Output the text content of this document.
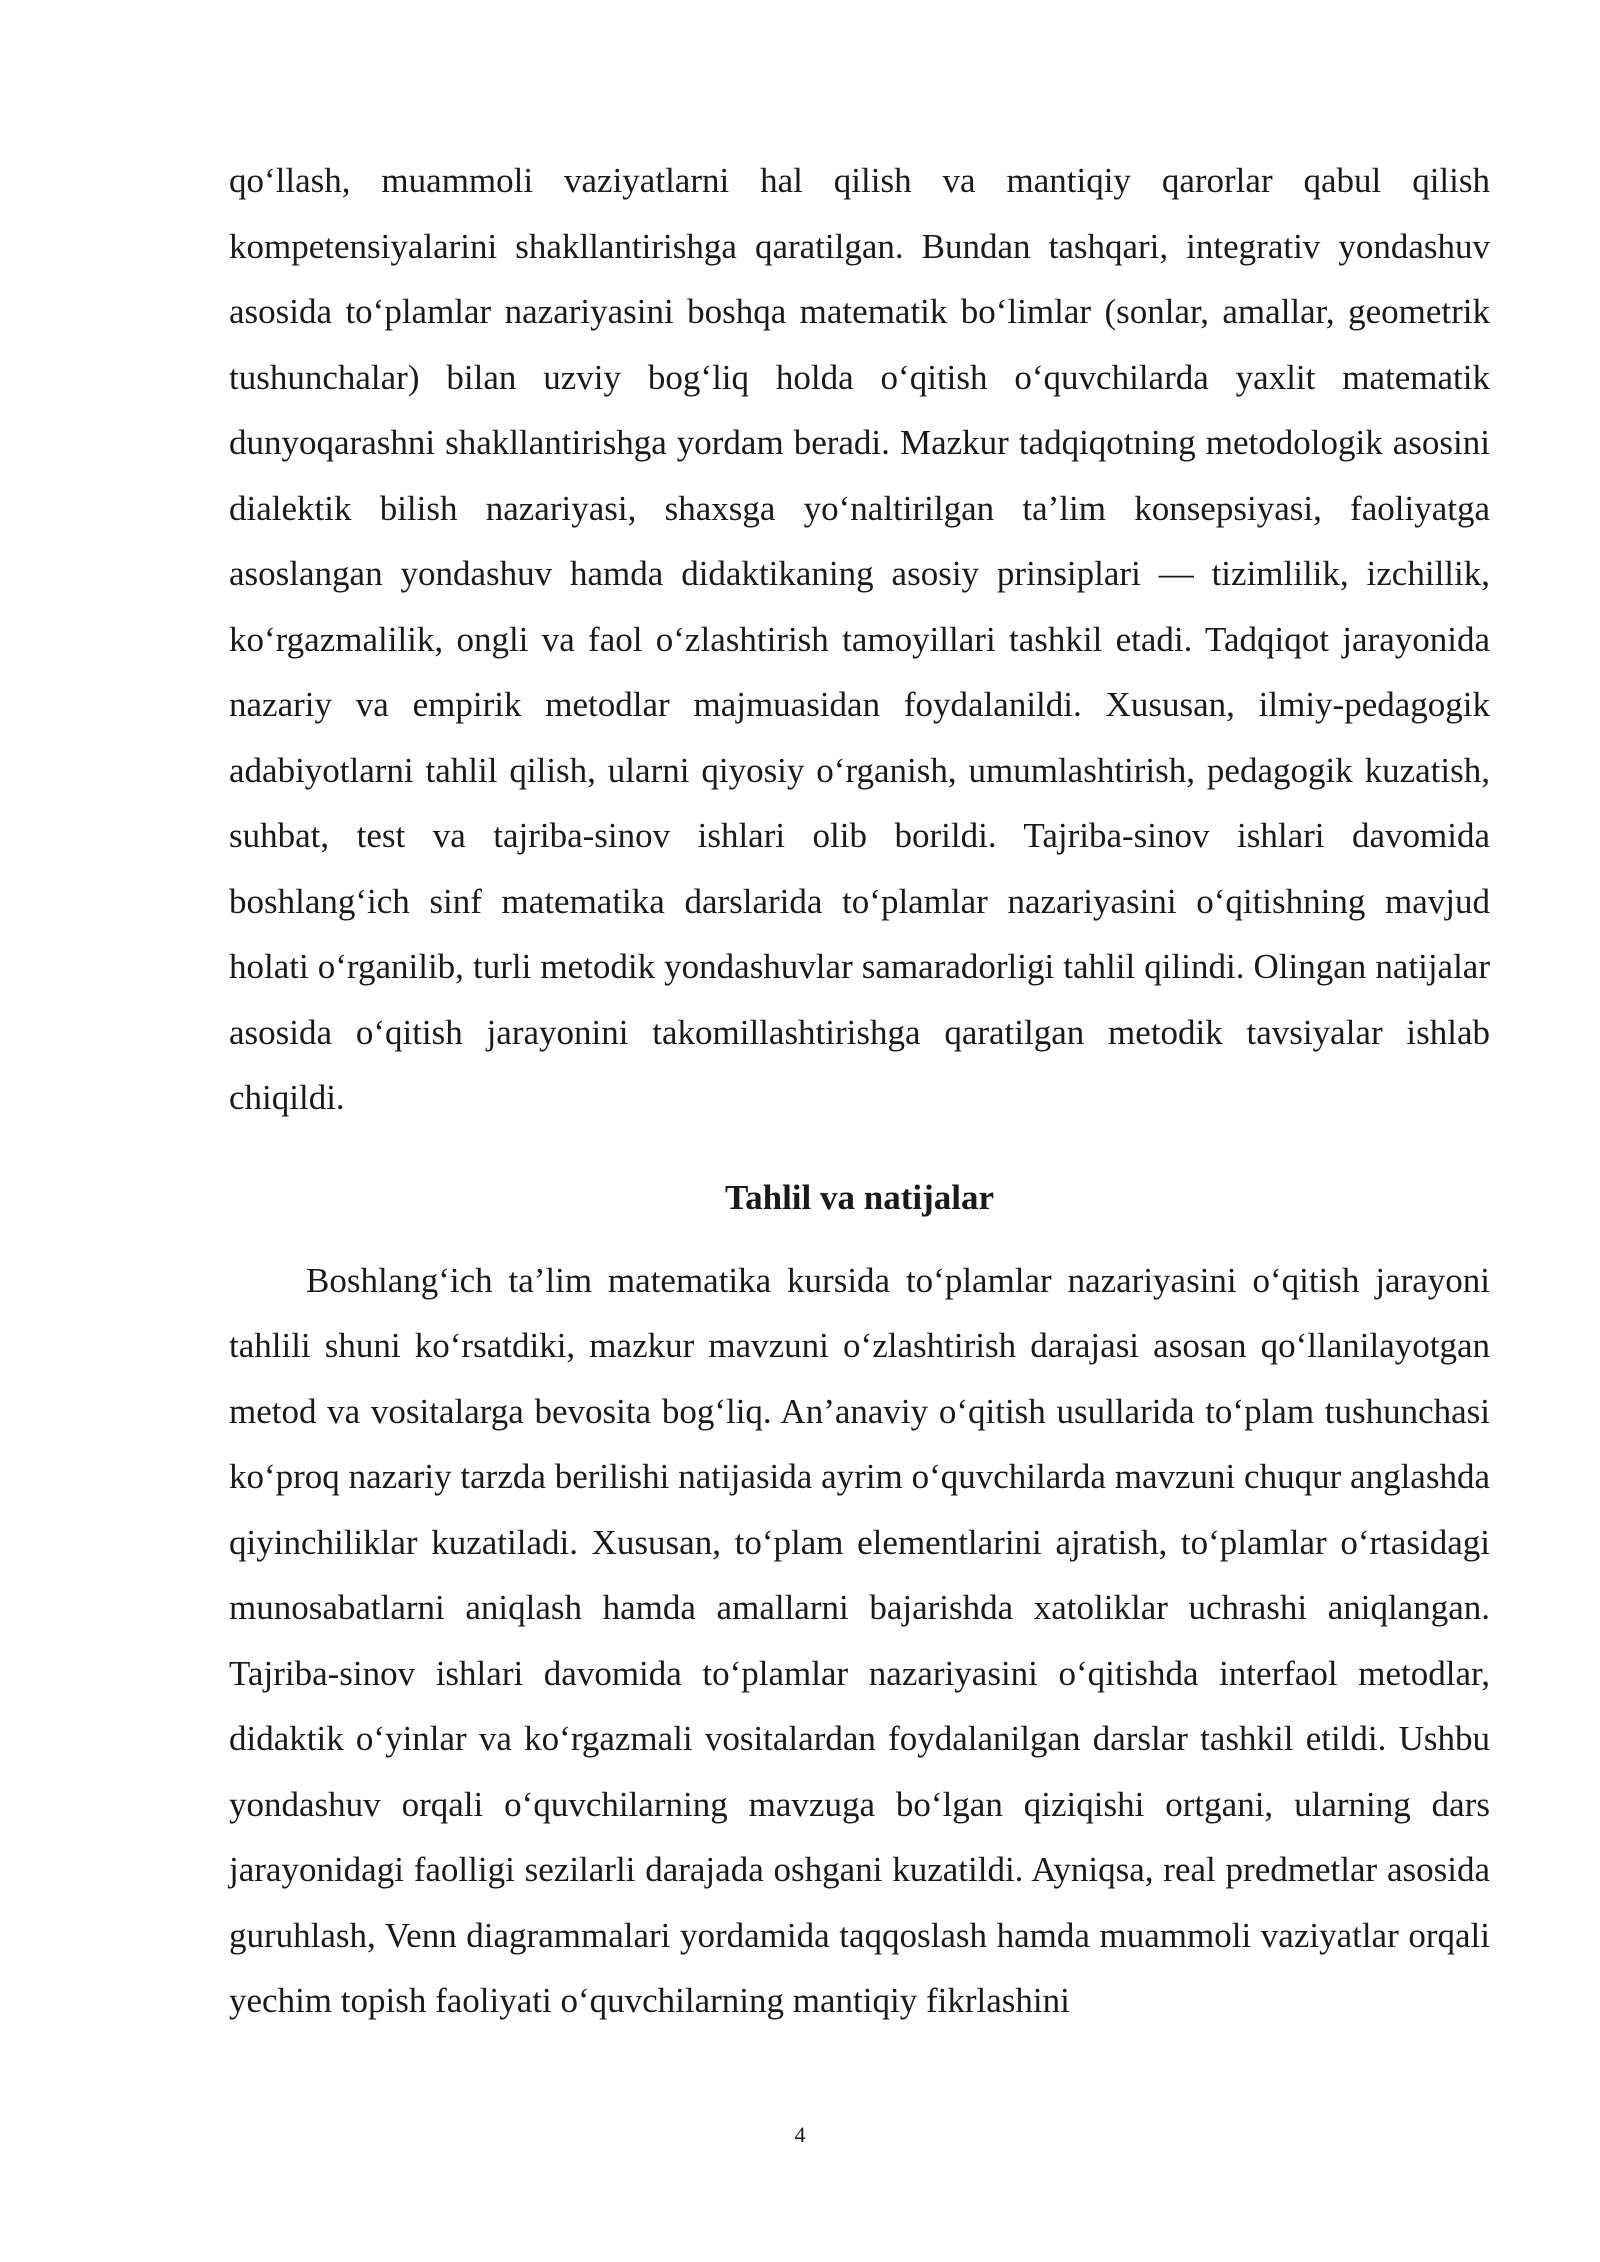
qo‘llash, muammoli vaziyatlarni hal qilish va mantiqiy qarorlar qabul qilish kompetensiyalarini shakllantirishga qaratilgan. Bundan tashqari, integrativ yondashuv asosida to‘plamlar nazariyasini boshqa matematik bo‘limlar (sonlar, amallar, geometrik tushunchalar) bilan uzviy bog‘liq holda o‘qitish o‘quvchilarda yaxlit matematik dunyoqarashni shakllantirishga yordam beradi. Mazkur tadqiqotning metodologik asosini dialektik bilish nazariyasi, shaxsga yo‘naltirilgan ta’lim konsepsiyasi, faoliyatga asoslangan yondashuv hamda didaktikaning asosiy prinsiplari — tizimlilik, izchillik, ko‘rgazmalilik, ongli va faol o‘zlashtirish tamoyillari tashkil etadi. Tadqiqot jarayonida nazariy va empirik metodlar majmuasidan foydalanildi. Xususan, ilmiy-pedagogik adabiyotlarni tahlil qilish, ularni qiyosiy o‘rganish, umumlashtirish, pedagogik kuzatish, suhbat, test va tajriba-sinov ishlari olib borildi. Tajriba-sinov ishlari davomida boshlang‘ich sinf matematika darslarida to‘plamlar nazariyasini o‘qitishning mavjud holati o‘rganilib, turli metodik yondashuvlar samaradorligi tahlil qilindi. Olingan natijalar asosida o‘qitish jarayonini takomillashtirishga qaratilgan metodik tavsiyalar ishlab chiqildi.

Tahlil va natijalar

Boshlang‘ich ta’lim matematika kursida to‘plamlar nazariyasini o‘qitish jarayoni tahlili shuni ko‘rsatdiki, mazkur mavzuni o‘zlashtirish darajasi asosan qo‘llanilayotgan metod va vositalarga bevosita bog‘liq. An’anaviy o‘qitish usullarida to‘plam tushunchasi ko‘proq nazariy tarzda berilishi natijasida ayrim o‘quvchilarda mavzuni chuqur anglashda qiyinchiliklar kuzatiladi. Xususan, to‘plam elementlarini ajratish, to‘plamlar o‘rtasidagi munosabatlarni aniqlash hamda amallarni bajarishda xatoliklar uchrashi aniqlangan. Tajriba-sinov ishlari davomida to‘plamlar nazariyasini o‘qitishda interfaol metodlar, didaktik o‘yinlar va ko‘rgazmali vositalardan foydalanilgan darslar tashkil etildi. Ushbu yondashuv orqali o‘quvchilarning mavzuga bo‘lgan qiziqishi ortgani, ularning dars jarayonidagi faolligi sezilarli darajada oshgani kuzatildi. Ayniqsa, real predmetlar asosida guruhlash, Venn diagrammalari yordamida taqqoslash hamda muammoli vaziyatlar orqali yechim topish faoliyati o‘quvchilarning mantiqiy fikrlashini

4
